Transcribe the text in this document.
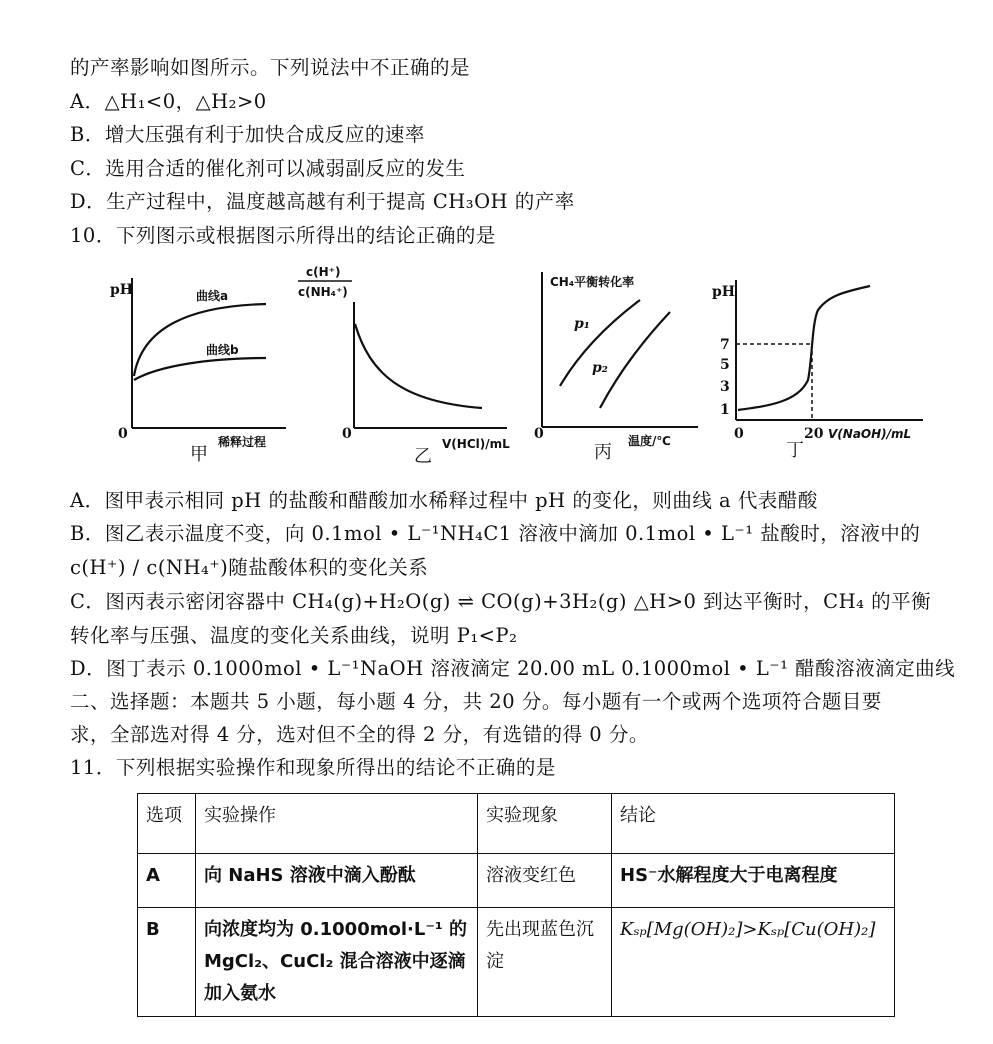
的产率影响如图所示。下列说法中不正确的是
A．△H₁<0，△H₂>0
B．增大压强有利于加快合成反应的速率
C．选用合适的催化剂可以减弱副反应的发生
D．生产过程中，温度越高越有利于提高 CH₃OH 的产率
10．下列图示或根据图示所得出的结论正确的是
pH
0
曲线a
曲线b
稀释过程
甲
c(H⁺)
c(NH₄⁺)
0
V(HCl)/mL
乙
CH₄平衡转化率
p₁
p₂
0	温度/℃
丙
pH
7
5
3
1
0	20 V(NaOH)/mL
丁
A．图甲表示相同 pH 的盐酸和醋酸加水稀释过程中 pH 的变化，则曲线 a 代表醋酸
B．图乙表示温度不变，向 0.1mol • L⁻¹NH₄C1 溶液中滴加 0.1mol • L⁻¹ 盐酸时，溶液中的
c(H⁺) / c(NH₄⁺)随盐酸体积的变化关系
C．图丙表示密闭容器中 CH₄(g)+H₂O(g) ⇌ CO(g)+3H₂(g) △H>0 到达平衡时，CH₄ 的平衡
转化率与压强、温度的变化关系曲线，说明 P₁<P₂
D．图丁表示 0.1000mol • L⁻¹NaOH 溶液滴定 20.00 mL 0.1000mol • L⁻¹ 醋酸溶液滴定曲线
二、选择题：本题共 5 小题，每小题 4 分，共 20 分。每小题有一个或两个选项符合题目要
求，全部选对得 4 分，选对但不全的得 2 分，有选错的得 0 分。
11．下列根据实验操作和现象所得出的结论不正确的是
选项	实验操作	实验现象	结论
A	向 NaHS 溶液中滴入酚酞	溶液变红色	HS⁻水解程度大于电离程度
B	向浓度均为 0.1000mol·L⁻¹ 的 MgCl₂、CuCl₂ 混合溶液中逐滴加入氨水	先出现蓝色沉淀	Kₛₚ[Mg(OH)₂]>Kₛₚ[Cu(OH)₂]
